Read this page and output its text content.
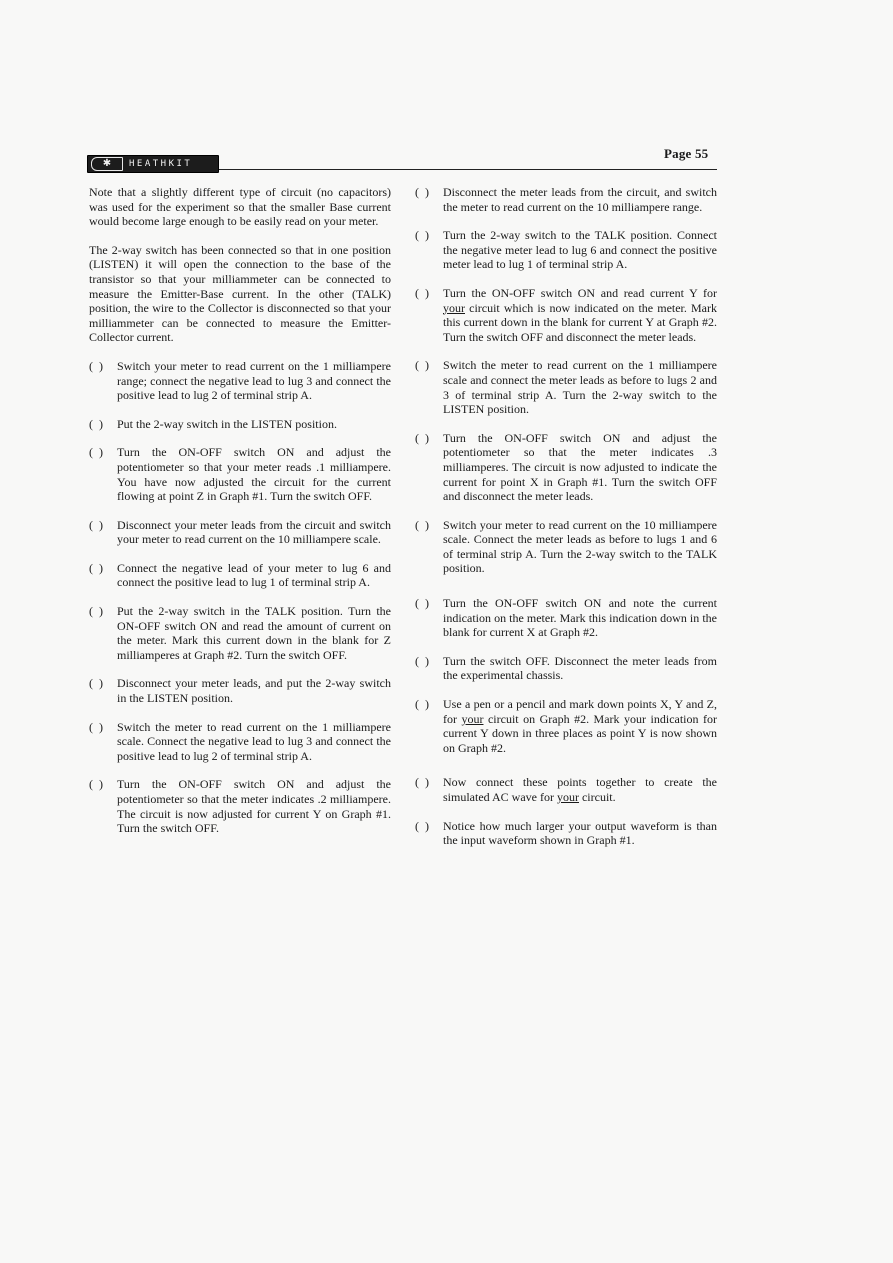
Page 55
✱	HEATHKIT

Note that a slightly different type of circuit (no capacitors) was used for the experiment so that the smaller Base current would become large enough to be easily read on your meter.

The 2-way switch has been connected so that in one position (LISTEN) it will open the connection to the base of the transistor so that your milliammeter can be connected to measure the Emitter-Base current. In the other (TALK) position, the wire to the Collector is disconnected so that your milliammeter can be connected to measure the Emitter-Collector current.

(  )	Switch your meter to read current on the 1 milliampere range; connect the negative lead to lug 3 and connect the positive lead to lug 2 of terminal strip A.

(  )	Put the 2-way switch in the LISTEN position.

(  )	Turn the ON-OFF switch ON and adjust the potentiometer so that your meter reads .1 milliampere. You have now adjusted the circuit for the current flowing at point Z in Graph #1. Turn the switch OFF.

(  )	Disconnect your meter leads from the circuit and switch your meter to read current on the 10 milliampere scale.

(  )	Connect the negative lead of your meter to lug 6 and connect the positive lead to lug 1 of terminal strip A.

(  )	Put the 2-way switch in the TALK position. Turn the ON-OFF switch ON and read the amount of current on the meter. Mark this current down in the blank for Z milliamperes at Graph #2. Turn the switch OFF.

(  )	Disconnect your meter leads, and put the 2-way switch in the LISTEN position.

(  )	Switch the meter to read current on the 1 milliampere scale. Connect the negative lead to lug 3 and connect the positive lead to lug 2 of terminal strip A.

(  )	Turn the ON-OFF switch ON and adjust the potentiometer so that the meter indicates .2 milliampere. The circuit is now adjusted for current Y on Graph #1. Turn the switch OFF.

(  )	Disconnect the meter leads from the circuit, and switch the meter to read current on the 10 milliampere range.

(  )	Turn the 2-way switch to the TALK position. Connect the negative meter lead to lug 6 and connect the positive meter lead to lug 1 of terminal strip A.

(  )	Turn the ON-OFF switch ON and read current Y for your circuit which is now indicated on the meter. Mark this current down in the blank for current Y at Graph #2. Turn the switch OFF and disconnect the meter leads.

(  )	Switch the meter to read current on the 1 milliampere scale and connect the meter leads as before to lugs 2 and 3 of terminal strip A. Turn the 2-way switch to the LISTEN position.

(  )	Turn the ON-OFF switch ON and adjust the potentiometer so that the meter indicates .3 milliamperes. The circuit is now adjusted to indicate the current for point X in Graph #1. Turn the switch OFF and disconnect the meter leads.

(  )	Switch your meter to read current on the 10 milliampere scale. Connect the meter leads as before to lugs 1 and 6 of terminal strip A. Turn the 2-way switch to the TALK position.

(  )	Turn the ON-OFF switch ON and note the current indication on the meter. Mark this indication down in the blank for current X at Graph #2.

(  )	Turn the switch OFF. Disconnect the meter leads from the experimental chassis.

(  )	Use a pen or a pencil and mark down points X, Y and Z, for your circuit on Graph #2. Mark your indication for current Y down in three places as point Y is now shown on Graph #2.

(  )	Now connect these points together to create the simulated AC wave for your circuit.

(  )	Notice how much larger your output waveform is than the input waveform shown in Graph #1.
